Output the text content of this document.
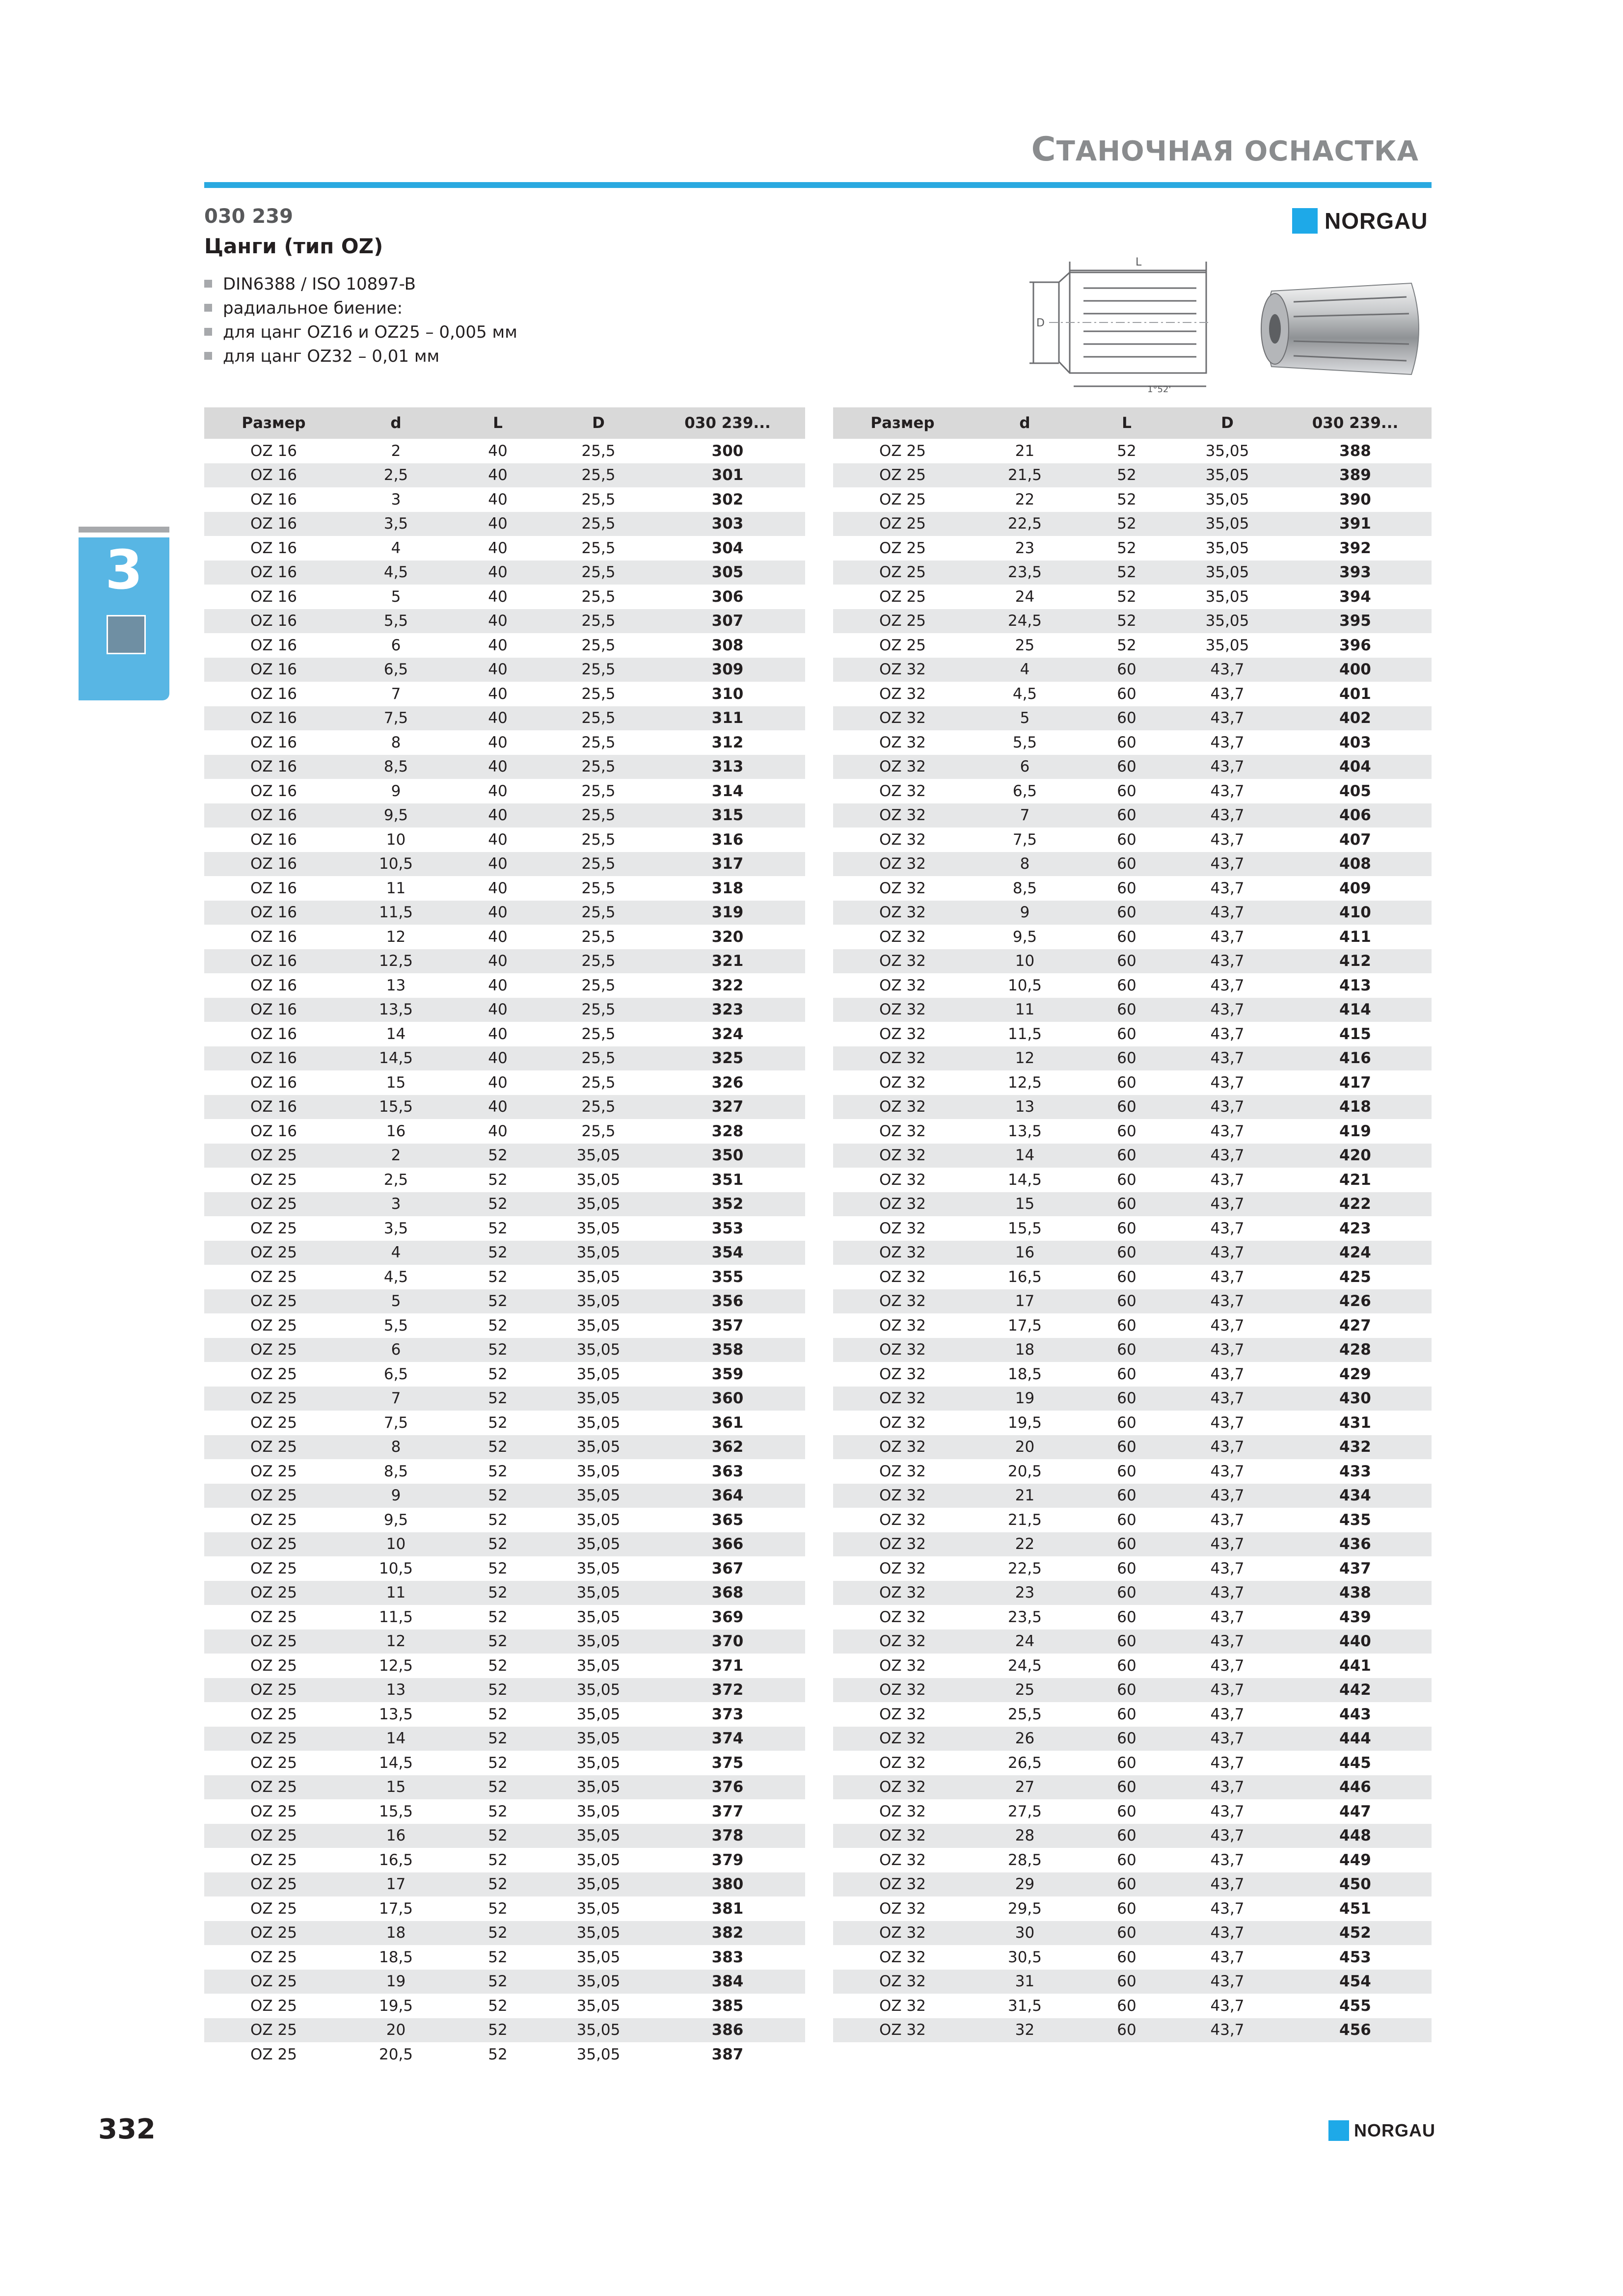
СТАНОЧНАЯ ОСНАСТКА
030 239
Цанги (тип OZ)
DIN6388 / ISO 10897-B
радиальное биение:
для цанг OZ16 и OZ25 – 0,005 мм
для цанг OZ32 – 0,01 мм
NORGAU
L
D
1°52'
3
Размер	d	L	D	030 239...
OZ 16	2	40	25,5	300
OZ 16	2,5	40	25,5	301
OZ 16	3	40	25,5	302
OZ 16	3,5	40	25,5	303
OZ 16	4	40	25,5	304
OZ 16	4,5	40	25,5	305
OZ 16	5	40	25,5	306
OZ 16	5,5	40	25,5	307
OZ 16	6	40	25,5	308
OZ 16	6,5	40	25,5	309
OZ 16	7	40	25,5	310
OZ 16	7,5	40	25,5	311
OZ 16	8	40	25,5	312
OZ 16	8,5	40	25,5	313
OZ 16	9	40	25,5	314
OZ 16	9,5	40	25,5	315
OZ 16	10	40	25,5	316
OZ 16	10,5	40	25,5	317
OZ 16	11	40	25,5	318
OZ 16	11,5	40	25,5	319
OZ 16	12	40	25,5	320
OZ 16	12,5	40	25,5	321
OZ 16	13	40	25,5	322
OZ 16	13,5	40	25,5	323
OZ 16	14	40	25,5	324
OZ 16	14,5	40	25,5	325
OZ 16	15	40	25,5	326
OZ 16	15,5	40	25,5	327
OZ 16	16	40	25,5	328
OZ 25	2	52	35,05	350
OZ 25	2,5	52	35,05	351
OZ 25	3	52	35,05	352
OZ 25	3,5	52	35,05	353
OZ 25	4	52	35,05	354
OZ 25	4,5	52	35,05	355
OZ 25	5	52	35,05	356
OZ 25	5,5	52	35,05	357
OZ 25	6	52	35,05	358
OZ 25	6,5	52	35,05	359
OZ 25	7	52	35,05	360
OZ 25	7,5	52	35,05	361
OZ 25	8	52	35,05	362
OZ 25	8,5	52	35,05	363
OZ 25	9	52	35,05	364
OZ 25	9,5	52	35,05	365
OZ 25	10	52	35,05	366
OZ 25	10,5	52	35,05	367
OZ 25	11	52	35,05	368
OZ 25	11,5	52	35,05	369
OZ 25	12	52	35,05	370
OZ 25	12,5	52	35,05	371
OZ 25	13	52	35,05	372
OZ 25	13,5	52	35,05	373
OZ 25	14	52	35,05	374
OZ 25	14,5	52	35,05	375
OZ 25	15	52	35,05	376
OZ 25	15,5	52	35,05	377
OZ 25	16	52	35,05	378
OZ 25	16,5	52	35,05	379
OZ 25	17	52	35,05	380
OZ 25	17,5	52	35,05	381
OZ 25	18	52	35,05	382
OZ 25	18,5	52	35,05	383
OZ 25	19	52	35,05	384
OZ 25	19,5	52	35,05	385
OZ 25	20	52	35,05	386
OZ 25	20,5	52	35,05	387
Размер	d	L	D	030 239...
OZ 25	21	52	35,05	388
OZ 25	21,5	52	35,05	389
OZ 25	22	52	35,05	390
OZ 25	22,5	52	35,05	391
OZ 25	23	52	35,05	392
OZ 25	23,5	52	35,05	393
OZ 25	24	52	35,05	394
OZ 25	24,5	52	35,05	395
OZ 25	25	52	35,05	396
OZ 32	4	60	43,7	400
OZ 32	4,5	60	43,7	401
OZ 32	5	60	43,7	402
OZ 32	5,5	60	43,7	403
OZ 32	6	60	43,7	404
OZ 32	6,5	60	43,7	405
OZ 32	7	60	43,7	406
OZ 32	7,5	60	43,7	407
OZ 32	8	60	43,7	408
OZ 32	8,5	60	43,7	409
OZ 32	9	60	43,7	410
OZ 32	9,5	60	43,7	411
OZ 32	10	60	43,7	412
OZ 32	10,5	60	43,7	413
OZ 32	11	60	43,7	414
OZ 32	11,5	60	43,7	415
OZ 32	12	60	43,7	416
OZ 32	12,5	60	43,7	417
OZ 32	13	60	43,7	418
OZ 32	13,5	60	43,7	419
OZ 32	14	60	43,7	420
OZ 32	14,5	60	43,7	421
OZ 32	15	60	43,7	422
OZ 32	15,5	60	43,7	423
OZ 32	16	60	43,7	424
OZ 32	16,5	60	43,7	425
OZ 32	17	60	43,7	426
OZ 32	17,5	60	43,7	427
OZ 32	18	60	43,7	428
OZ 32	18,5	60	43,7	429
OZ 32	19	60	43,7	430
OZ 32	19,5	60	43,7	431
OZ 32	20	60	43,7	432
OZ 32	20,5	60	43,7	433
OZ 32	21	60	43,7	434
OZ 32	21,5	60	43,7	435
OZ 32	22	60	43,7	436
OZ 32	22,5	60	43,7	437
OZ 32	23	60	43,7	438
OZ 32	23,5	60	43,7	439
OZ 32	24	60	43,7	440
OZ 32	24,5	60	43,7	441
OZ 32	25	60	43,7	442
OZ 32	25,5	60	43,7	443
OZ 32	26	60	43,7	444
OZ 32	26,5	60	43,7	445
OZ 32	27	60	43,7	446
OZ 32	27,5	60	43,7	447
OZ 32	28	60	43,7	448
OZ 32	28,5	60	43,7	449
OZ 32	29	60	43,7	450
OZ 32	29,5	60	43,7	451
OZ 32	30	60	43,7	452
OZ 32	30,5	60	43,7	453
OZ 32	31	60	43,7	454
OZ 32	31,5	60	43,7	455
OZ 32	32	60	43,7	456
332	NORGAU
